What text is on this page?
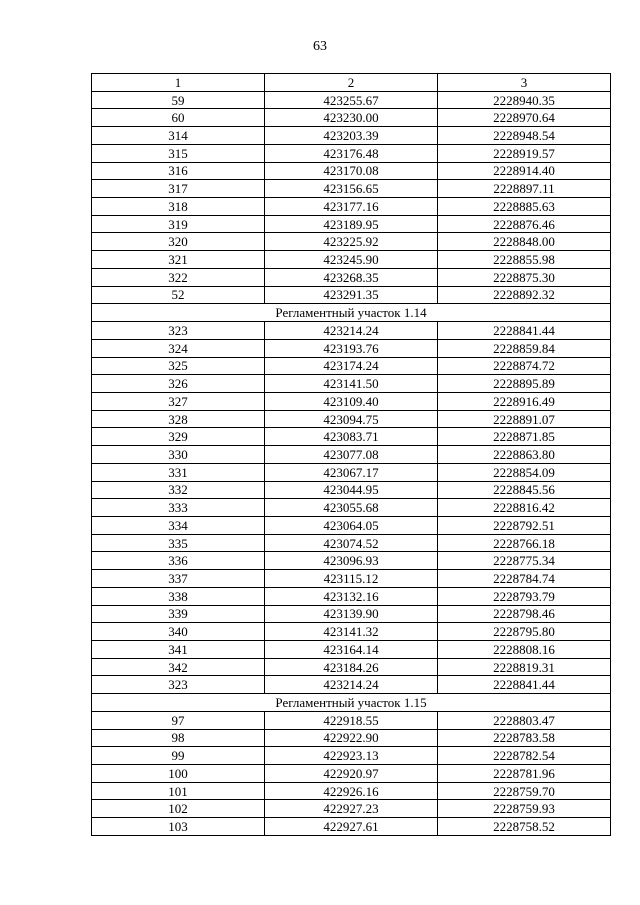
63
1	2	3
59	423255.67	2228940.35
60	423230.00	2228970.64
314	423203.39	2228948.54
315	423176.48	2228919.57
316	423170.08	2228914.40
317	423156.65	2228897.11
318	423177.16	2228885.63
319	423189.95	2228876.46
320	423225.92	2228848.00
321	423245.90	2228855.98
322	423268.35	2228875.30
52	423291.35	2228892.32
Регламентный участок 1.14		
323	423214.24	2228841.44
324	423193.76	2228859.84
325	423174.24	2228874.72
326	423141.50	2228895.89
327	423109.40	2228916.49
328	423094.75	2228891.07
329	423083.71	2228871.85
330	423077.08	2228863.80
331	423067.17	2228854.09
332	423044.95	2228845.56
333	423055.68	2228816.42
334	423064.05	2228792.51
335	423074.52	2228766.18
336	423096.93	2228775.34
337	423115.12	2228784.74
338	423132.16	2228793.79
339	423139.90	2228798.46
340	423141.32	2228795.80
341	423164.14	2228808.16
342	423184.26	2228819.31
323	423214.24	2228841.44
Регламентный участок 1.15		
97	422918.55	2228803.47
98	422922.90	2228783.58
99	422923.13	2228782.54
100	422920.97	2228781.96
101	422926.16	2228759.70
102	422927.23	2228759.93
103	422927.61	2228758.52
